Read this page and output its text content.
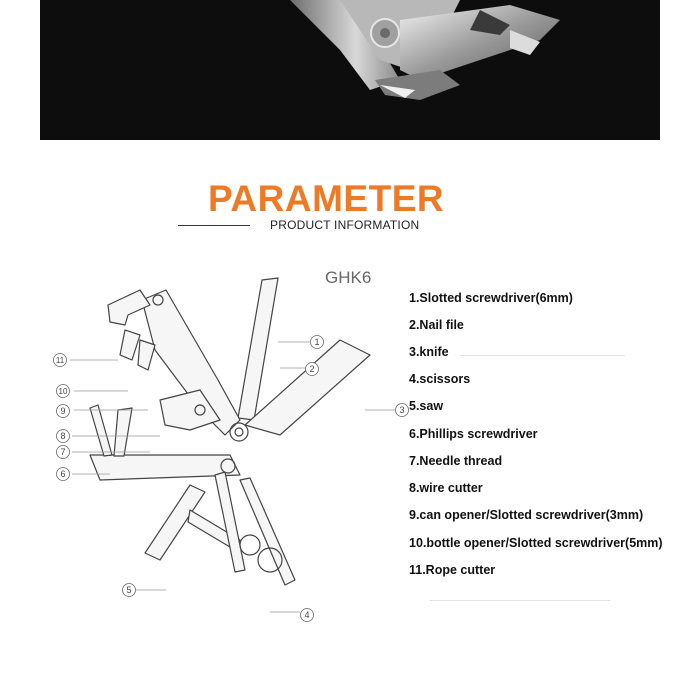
PARAMETER
PRODUCT INFORMATION
GHK6
1
2
3
4
5
6
7
8
9
10
11
1.Slotted screwdriver(6mm)
2.Nail file
3.knife
4.scissors
5.saw
6.Phillips screwdriver
7.Needle thread
8.wire cutter
9.can opener/Slotted screwdriver(3mm)
10.bottle opener/Slotted screwdriver(5mm)
11.Rope cutter
